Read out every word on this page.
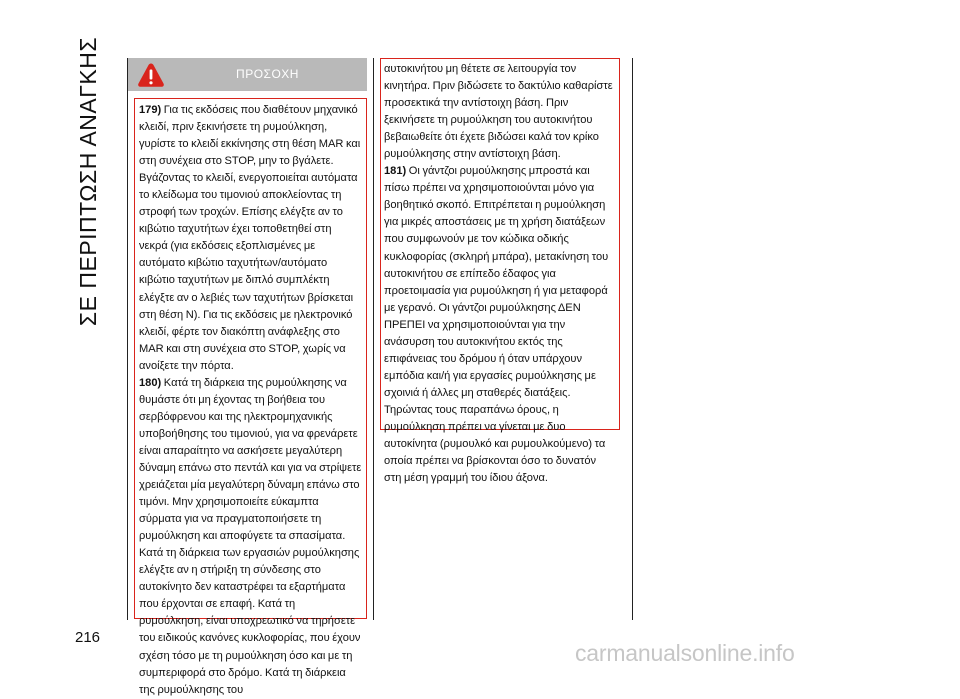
ΣΕ ΠΕΡΙΠΤΩΣΗ ΑΝΑΓΚΗΣ	ΠΡΟΣΟΧΗ

179) Για τις εκδόσεις που διαθέτουν μηχανικό κλειδί, πριν ξεκινήσετε τη ρυμούλκηση, γυρίστε το κλειδί εκκίνησης στη θέση MAR και στη συνέχεια στο STOP, μην το βγάλετε. Βγάζοντας το κλειδί, ενεργοποιείται αυτόματα το κλείδωμα του τιμονιού αποκλείοντας τη στροφή των τροχών. Επίσης ελέγξτε αν το κιβώτιο ταχυτήτων έχει τοποθετηθεί στη νεκρά (για εκδόσεις εξοπλισμένες με αυτόματο κιβώτιο ταχυτήτων/αυτόματο κιβώτιο ταχυτήτων με διπλό συμπλέκτη ελέγξτε αν ο λεβιές των ταχυτήτων βρίσκεται στη θέση N). Για τις εκδόσεις με ηλεκτρονικό κλειδί, φέρτε τον διακόπτη ανάφλεξης στο MAR και στη συνέχεια στο STOP, χωρίς να ανοίξετε την πόρτα.

180) Κατά τη διάρκεια της ρυμούλκησης να θυμάστε ότι μη έχοντας τη βοήθεια του σερβόφρενου και της ηλεκτρομηχανικής υποβοήθησης του τιμονιού, για να φρενάρετε είναι απαραίτητο να ασκήσετε μεγαλύτερη δύναμη επάνω στο πεντάλ και για να στρίψετε χρειάζεται μία μεγαλύτερη δύναμη επάνω στο τιμόνι. Μην χρησιμοποιείτε εύκαμπτα σύρματα για να πραγματοποιήσετε τη ρυμούλκηση και αποφύγετε τα σπασίματα. Κατά τη διάρκεια των εργασιών ρυμούλκησης ελέγξτε αν η στήριξη τη σύνδεσης στο αυτοκίνητο δεν καταστρέφει τα εξαρτήματα που έρχονται σε επαφή. Κατά τη ρυμούλκηση, είναι υποχρεωτικό να τηρήσετε του ειδικούς κανόνες κυκλοφορίας, που έχουν σχέση τόσο με τη ρυμούλκηση όσο και με τη συμπεριφορά στο δρόμο. Κατά τη διάρκεια της ρυμούλκησης του

αυτοκινήτου μη θέτετε σε λειτουργία τον κινητήρα. Πριν βιδώσετε το δακτύλιο καθαρίστε προσεκτικά την αντίστοιχη βάση. Πριν ξεκινήσετε τη ρυμούλκηση του αυτοκινήτου βεβαιωθείτε ότι έχετε βιδώσει καλά τον κρίκο ρυμούλκησης στην αντίστοιχη βάση.

181) Οι γάντζοι ρυμούλκησης μπροστά και πίσω πρέπει να χρησιμοποιούνται μόνο για βοηθητικό σκοπό. Επιτρέπεται η ρυμούλκηση για μικρές αποστάσεις με τη χρήση διατάξεων που συμφωνούν με τον κώδικα οδικής κυκλοφορίας (σκληρή μπάρα), μετακίνηση του αυτοκινήτου σε επίπεδο έδαφος για προετοιμασία για ρυμούλκηση ή για μεταφορά με γερανό. Οι γάντζοι ρυμούλκησης ΔΕΝ ΠΡΕΠΕΙ να χρησιμοποιούνται για την ανάσυρση του αυτοκινήτου εκτός της επιφάνειας του δρόμου ή όταν υπάρχουν εμπόδια και/ή για εργασίες ρυμούλκησης με σχοινιά ή άλλες μη σταθερές διατάξεις. Τηρώντας τους παραπάνω όρους, η ρυμούλκηση πρέπει να γίνεται με δυο αυτοκίνητα (ρυμουλκό και ρυμουλκούμενο) τα οποία πρέπει να βρίσκονται όσο το δυνατόν στη μέση γραμμή του ίδιου άξονα.

216
carmanualsonline.info
